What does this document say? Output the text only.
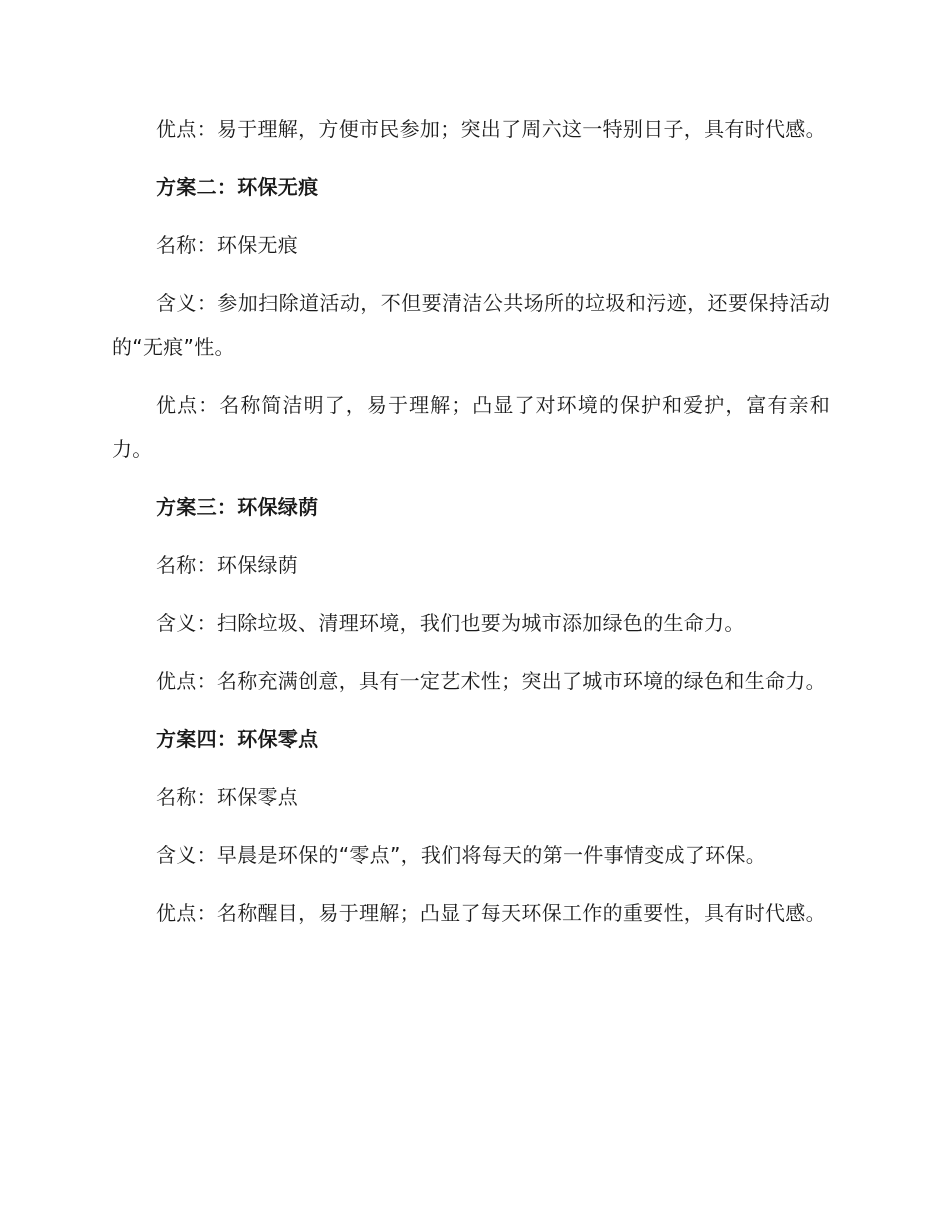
优点：易于理解，方便市民参加；突出了周六这一特别日子，具有时代感。

方案二：环保无痕

名称：环保无痕

含义：参加扫除道活动，不但要清洁公共场所的垃圾和污迹，还要保持活动的“无痕”性。

优点：名称简洁明了，易于理解；凸显了对环境的保护和爱护，富有亲和力。

方案三：环保绿荫

名称：环保绿荫

含义：扫除垃圾、清理环境，我们也要为城市添加绿色的生命力。

优点：名称充满创意，具有一定艺术性；突出了城市环境的绿色和生命力。

方案四：环保零点

名称：环保零点

含义：早晨是环保的“零点”，我们将每天的第一件事情变成了环保。

优点：名称醒目，易于理解；凸显了每天环保工作的重要性，具有时代感。
